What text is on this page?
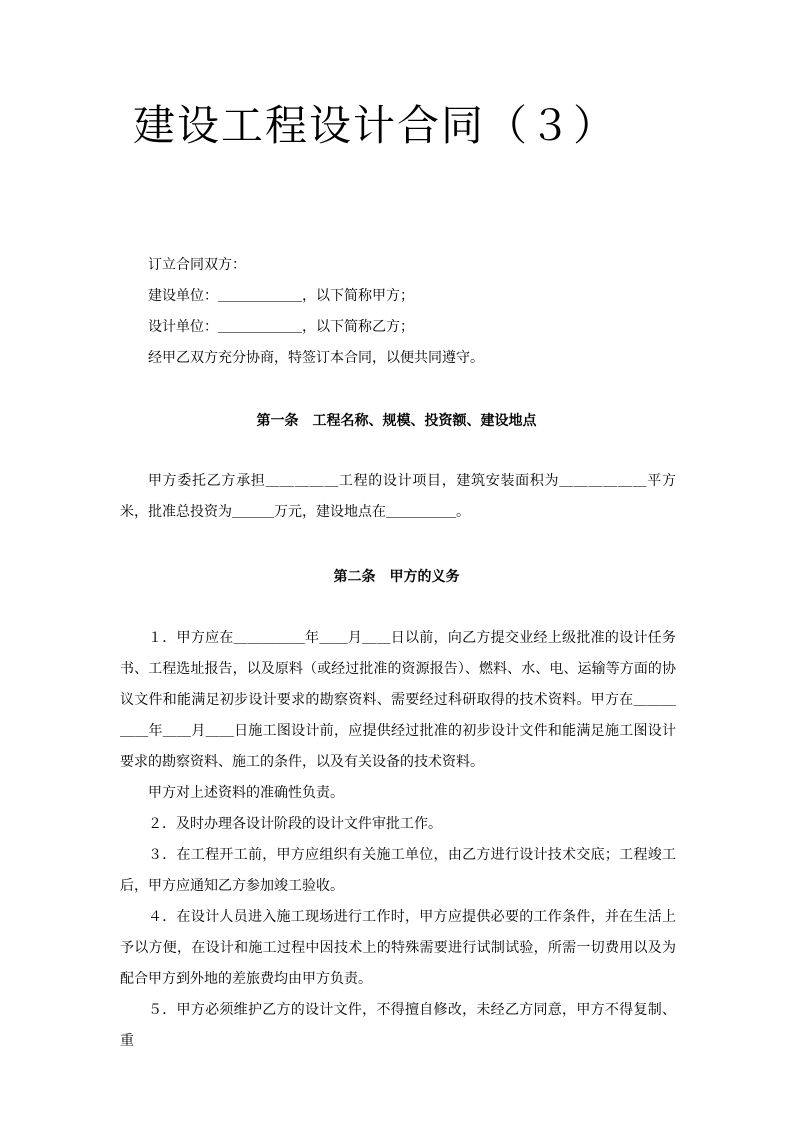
建设工程设计合同（３）

订立合同双方：

建设单位：＿＿＿＿＿＿，以下简称甲方；

设计单位：＿＿＿＿＿＿，以下简称乙方；

经甲乙双方充分协商，特签订本合同，以便共同遵守。

第一条　工程名称、规模、投资额、建设地点

甲方委托乙方承担＿＿＿＿＿工程的设计项目，建筑安装面积为＿＿＿＿＿＿平方米，批准总投资为＿＿＿万元，建设地点在＿＿＿＿＿。

第二条　甲方的义务

１．甲方应在＿＿＿＿＿年＿＿月＿＿日以前，向乙方提交业经上级批准的设计任务书、工程选址报告，以及原料（或经过批准的资源报告）、燃料、水、电、运输等方面的协议文件和能满足初步设计要求的勘察资料、需要经过科研取得的技术资料。甲方在＿＿＿＿＿年＿＿月＿＿日施工图设计前，应提供经过批准的初步设计文件和能满足施工图设计要求的勘察资料、施工的条件，以及有关设备的技术资料。

甲方对上述资料的准确性负责。

２．及时办理各设计阶段的设计文件审批工作。

３．在工程开工前，甲方应组织有关施工单位，由乙方进行设计技术交底；工程竣工后，甲方应通知乙方参加竣工验收。

４．在设计人员进入施工现场进行工作时，甲方应提供必要的工作条件，并在生活上予以方便，在设计和施工过程中因技术上的特殊需要进行试制试验，所需一切费用以及为配合甲方到外地的差旅费均由甲方负责。

５．甲方必须维护乙方的设计文件，不得擅自修改，未经乙方同意，甲方不得复制、重
